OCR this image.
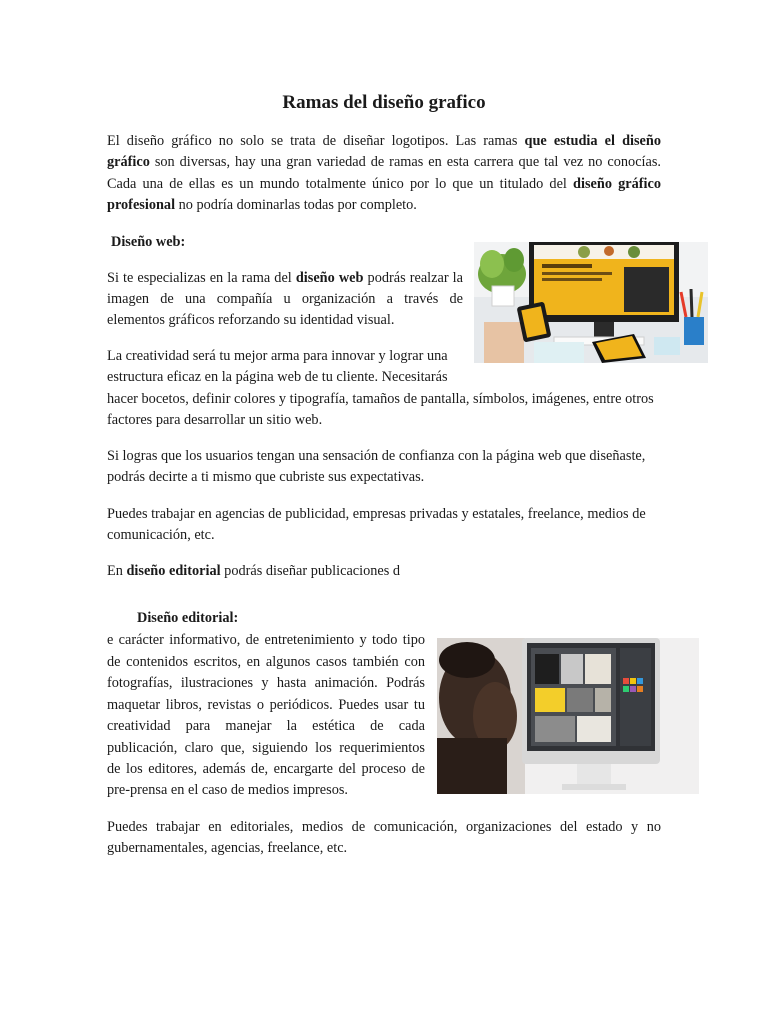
Ramas del diseño grafico
El diseño gráfico no solo se trata de diseñar logotipos. Las ramas que estudia el diseño
gráfico son diversas, hay una gran variedad de ramas en esta carrera que tal vez no conocías.
Cada una de ellas es un mundo totalmente único por lo que un titulado del diseño gráfico
profesional no podría dominarlas todas por completo.
Diseño web:
Si te especializas en la rama del diseño web podrás realzar la
imagen de una compañía u organización a través de
elementos gráficos reforzando su identidad visual.
La creatividad será tu mejor arma para innovar y lograr una
estructura eficaz en la página web de tu cliente. Necesitarás
hacer bocetos, definir colores y tipografía, tamaños de pantalla, símbolos, imágenes, entre otros
factores para desarrollar un sitio web.
Si logras que los usuarios tengan una sensación de confianza con la página web que diseñaste,
podrás decirte a ti mismo que cubriste sus expectativas.
Puedes trabajar en agencias de publicidad, empresas privadas y estatales, freelance, medios de
comunicación, etc.
En diseño editorial podrás diseñar publicaciones d
Diseño editorial:
e carácter informativo, de entretenimiento y todo tipo
de contenidos escritos, en algunos casos también con
fotografías, ilustraciones y hasta animación. Podrás
maquetar libros, revistas o periódicos. Puedes usar tu
creatividad para manejar la estética de cada
publicación, claro que, siguiendo los requerimientos
de los editores, además de, encargarte del proceso de
pre-prensa en el caso de medios impresos.
Puedes trabajar en editoriales, medios de comunicación, organizaciones del estado y no
gubernamentales, agencias, freelance, etc.
